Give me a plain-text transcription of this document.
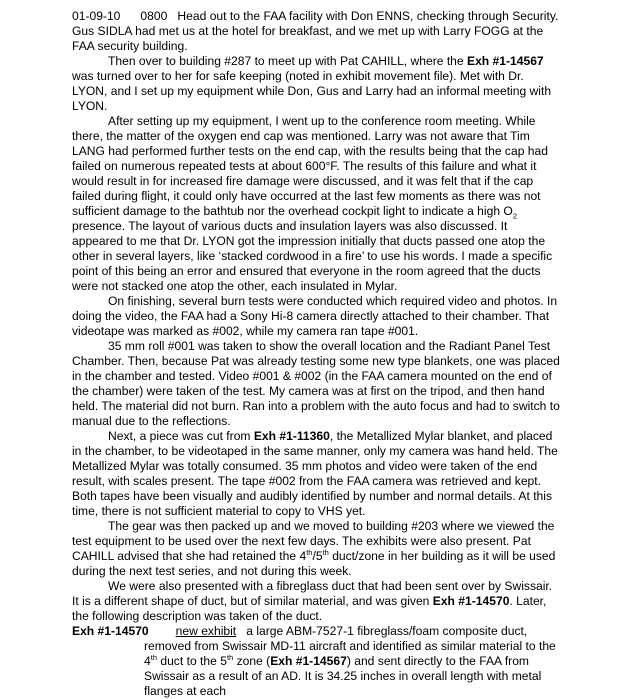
01-09-10 0800 Head out to the FAA facility with Don ENNS, checking through Security. Gus SIDLA had met us at the hotel for breakfast, and we met up with Larry FOGG at the FAA security building.

Then over to building #287 to meet up with Pat CAHILL, where the Exh #1-14567 was turned over to her for safe keeping (noted in exhibit movement file). Met with Dr. LYON, and I set up my equipment while Don, Gus and Larry had an informal meeting with LYON.

After setting up my equipment, I went up to the conference room meeting. While there, the matter of the oxygen end cap was mentioned. Larry was not aware that Tim LANG had performed further tests on the end cap, with the results being that the cap had failed on numerous repeated tests at about 600°F. The results of this failure and what it would result in for increased fire damage were discussed, and it was felt that if the cap failed during flight, it could only have occurred at the last few moments as there was not sufficient damage to the bathtub nor the overhead cockpit light to indicate a high $O_2$ presence. The layout of various ducts and insulation layers was also discussed. It appeared to me that Dr. LYON got the impression initially that ducts passed one atop the other in several layers, like ‘stacked cordwood in a fire’ to use his words. I made a specific point of this being an error and ensured that everyone in the room agreed that the ducts were not stacked one atop the other, each insulated in Mylar.

On finishing, several burn tests were conducted which required video and photos. In doing the video, the FAA had a Sony Hi-8 camera directly attached to their chamber. That videotape was marked as #002, while my camera ran tape #001.

35 mm roll #001 was taken to show the overall location and the Radiant Panel Test Chamber. Then, because Pat was already testing some new type blankets, one was placed in the chamber and tested. Video #001 & #002 (in the FAA camera mounted on the end of the chamber) were taken of the test. My camera was at first on the tripod, and then hand held. The material did not burn. Ran into a problem with the auto focus and had to switch to manual due to the reflections.

Next, a piece was cut from Exh #1-11360, the Metallized Mylar blanket, and placed in the chamber, to be videotaped in the same manner, only my camera was hand held. The Metallized Mylar was totally consumed. 35 mm photos and video were taken of the end result, with scales present. The tape #002 from the FAA camera was retrieved and kept. Both tapes have been visually and audibly identified by number and normal details. At this time, there is not sufficient material to copy to VHS yet.

The gear was then packed up and we moved to building #203 where we viewed the test equipment to be used over the next few days. The exhibits were also present. Pat CAHILL advised that she had retained the 4th/5th duct/zone in her building as it will be used during the next test series, and not during this week.

We were also presented with a fibreglass duct that had been sent over by Swissair. It is a different shape of duct, but of similar material, and was given Exh #1-14570. Later, the following description was taken of the duct.

Exh #1-14570 new exhibit a large ABM-7527-1 fibreglass/foam composite duct, removed from Swissair MD-11 aircraft and identified as similar material to the 4th duct to the 5th zone (Exh #1-14567) and sent directly to the FAA from Swissair as a result of an AD. It is 34.25 inches in overall length with metal flanges at each
